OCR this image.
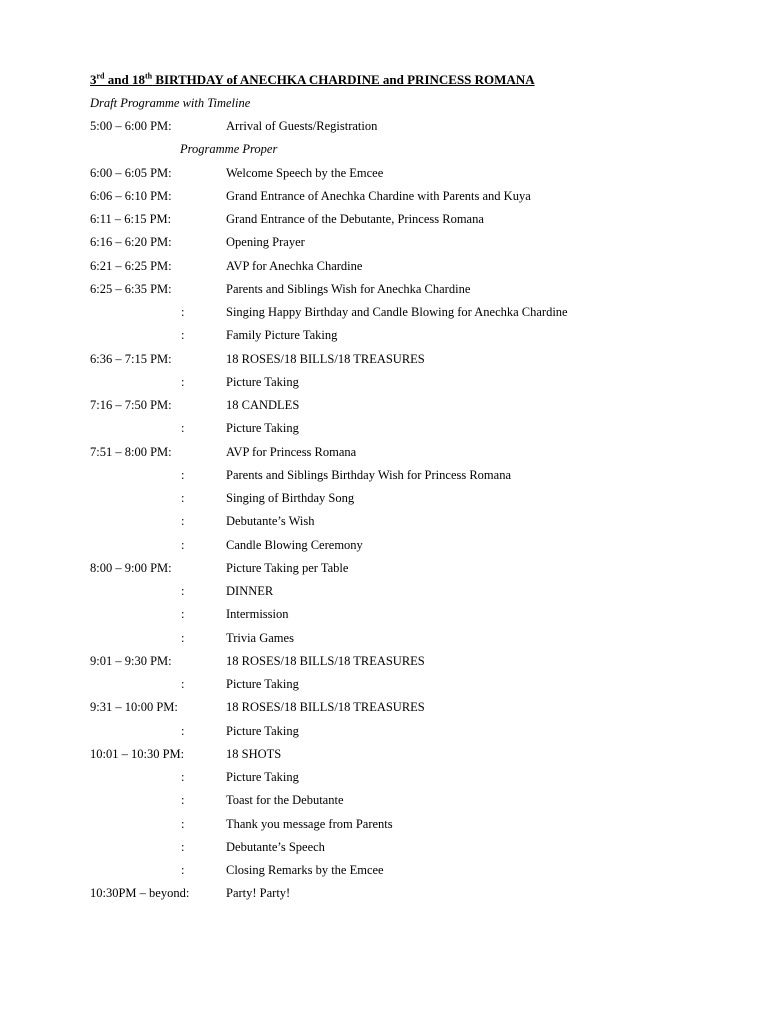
3rd and 18th BIRTHDAY of ANECHKA CHARDINE and PRINCESS ROMANA
Draft Programme with Timeline
5:00 – 6:00 PM:	Arrival of Guests/Registration
Programme Proper
6:00 – 6:05 PM:	Welcome Speech by the Emcee
6:06 – 6:10 PM:	Grand Entrance of Anechka Chardine with Parents and Kuya
6:11 – 6:15 PM:	Grand Entrance of the Debutante, Princess Romana
6:16 – 6:20 PM:	Opening Prayer
6:21 – 6:25 PM:	AVP for Anechka Chardine
6:25 – 6:35 PM:	Parents and Siblings Wish for Anechka Chardine
:	Singing Happy Birthday and Candle Blowing for Anechka Chardine
:	Family Picture Taking
6:36 – 7:15 PM:	18 ROSES/18 BILLS/18 TREASURES
:	Picture Taking
7:16 – 7:50 PM:	18 CANDLES
:	Picture Taking
7:51 – 8:00 PM:	AVP for Princess Romana
:	Parents and Siblings Birthday Wish for Princess Romana
:	Singing of Birthday Song
:	Debutante’s Wish
:	Candle Blowing Ceremony
8:00 – 9:00 PM:	Picture Taking per Table
:	DINNER
:	Intermission
:	Trivia Games
9:01 – 9:30 PM:	18 ROSES/18 BILLS/18 TREASURES
:	Picture Taking
9:31 – 10:00 PM:	18 ROSES/18 BILLS/18 TREASURES
:	Picture Taking
10:01 – 10:30 PM:	18 SHOTS
:	Picture Taking
:	Toast for the Debutante
:	Thank you message from Parents
:	Debutante’s Speech
:	Closing Remarks by the Emcee
10:30PM – beyond:	Party! Party!
